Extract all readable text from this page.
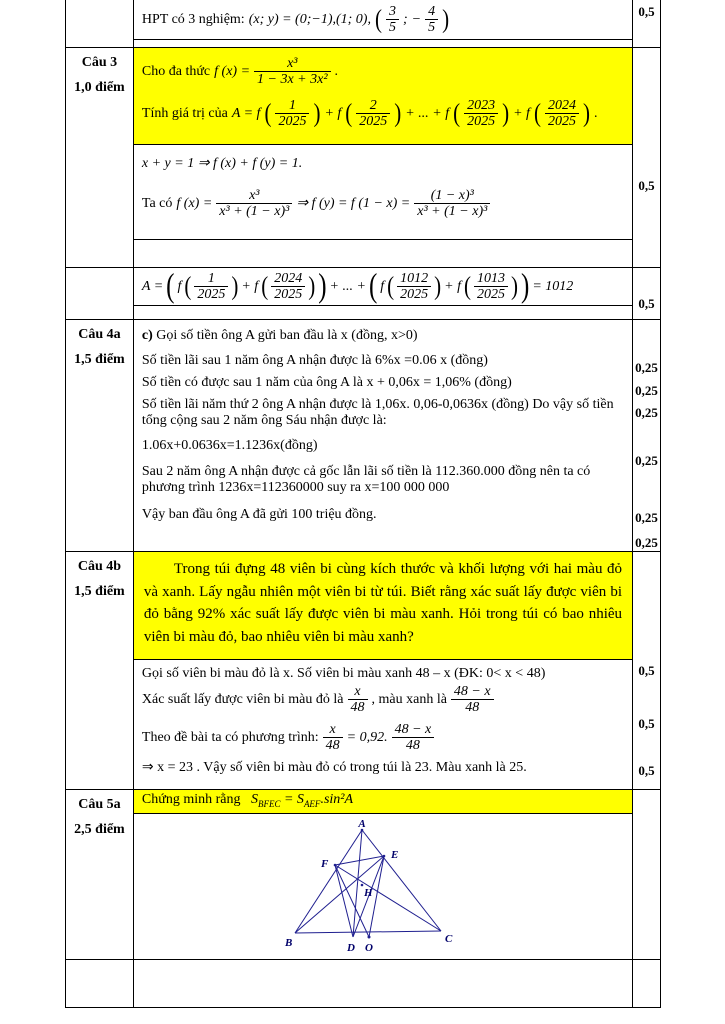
HPT có 3 nghiệm: (x; y) = (0;−1),(1; 0), ( $\frac{3}{5}$ ; − $\frac{4}{5}$ )	0,5
Câu 3
1,0 điểm
Cho đa thức f $(x) = \frac{\text{x³}}{\text{1 − 3x + 3x²}}$ .
Tính giá trị của A = f ( $\frac{1}{2025}$ ) + f ( $\frac{2}{2025}$ ) + ... + f ( $\frac{2023}{2025}$ ) + f ( $\frac{2024}{2025}$ ) .
x + y = 1 ⇒ f (x) + f (y) = 1.
Ta có f $(x) = \frac{\text{x³}}{\text{x³ + (1 − x)³}}$ ⇒ f (y) = f $(1 - x) = \frac{\text{(1 − x)³}}{\text{x³ + (1 − x)³}}$
0,5
A = ( f ( $\frac{1}{2025}$ ) + f ( $\frac{2024}{2025}$ ) ) + ... + ( f ( $\frac{1012}{2025}$ ) + f ( $\frac{1013}{2025}$ ) ) = 1012
0,5
Câu 4a
1,5 điểm
c) Gọi số tiền ông A gửi ban đầu là x (đồng, x>0)
Số tiền lãi sau 1 năm ông A nhận được là 6%x =0.06 x (đồng)
Số tiền có được sau 1 năm của ông A là x + 0,06x = 1,06% (đồng)
Số tiền lãi năm thứ 2 ông A nhận được là 1,06x. 0,06-0,0636x (đồng) Do vậy số tiền tổng cộng sau 2 năm ông Sáu nhận được là:
1.06x+0.0636x=1.1236x(đồng)
Sau 2 năm ông A nhận được cả gốc lẫn lãi số tiền là 112.360.000 đồng nên ta có phương trình 1236x=112360000 suy ra x=100 000 000
Vậy ban đầu ông A đã gửi 100 triệu đồng.
0,25
0,25
0,25
0,25
0,25
0,25
Câu 4b
1,5 điểm
Trong túi đựng 48 viên bi cùng kích thước và khối lượng với hai màu đỏ và xanh. Lấy ngẫu nhiên một viên bi từ túi. Biết rằng xác suất lấy được viên bi đỏ bằng 92% xác suất lấy được viên bi màu xanh. Hỏi trong túi có bao nhiêu viên bi màu đỏ, bao nhiêu viên bi màu xanh?
Gọi số viên bi màu đỏ là x. Số viên bi màu xanh 48 – x (ĐK: 0< x < 48)
Xác suất lấy được viên bi màu đỏ là $\frac{x}{48}$ , màu xanh là $\frac{48 - x}{48}$
Theo đề bài ta có phương trình: $\frac{x}{48} = 0,92$. $\frac{48 - x}{48}$
⇒ x = 23 . Vậy số viên bi màu đỏ có trong túi là 23. Màu xanh là 25.
0,5
0,5
0,5
Câu 5a
2,5 điểm
Chứng minh rằng $S_{BFEC} = S_{AEF}.\sin^2A$
A
E
F
H
B	D O
C
